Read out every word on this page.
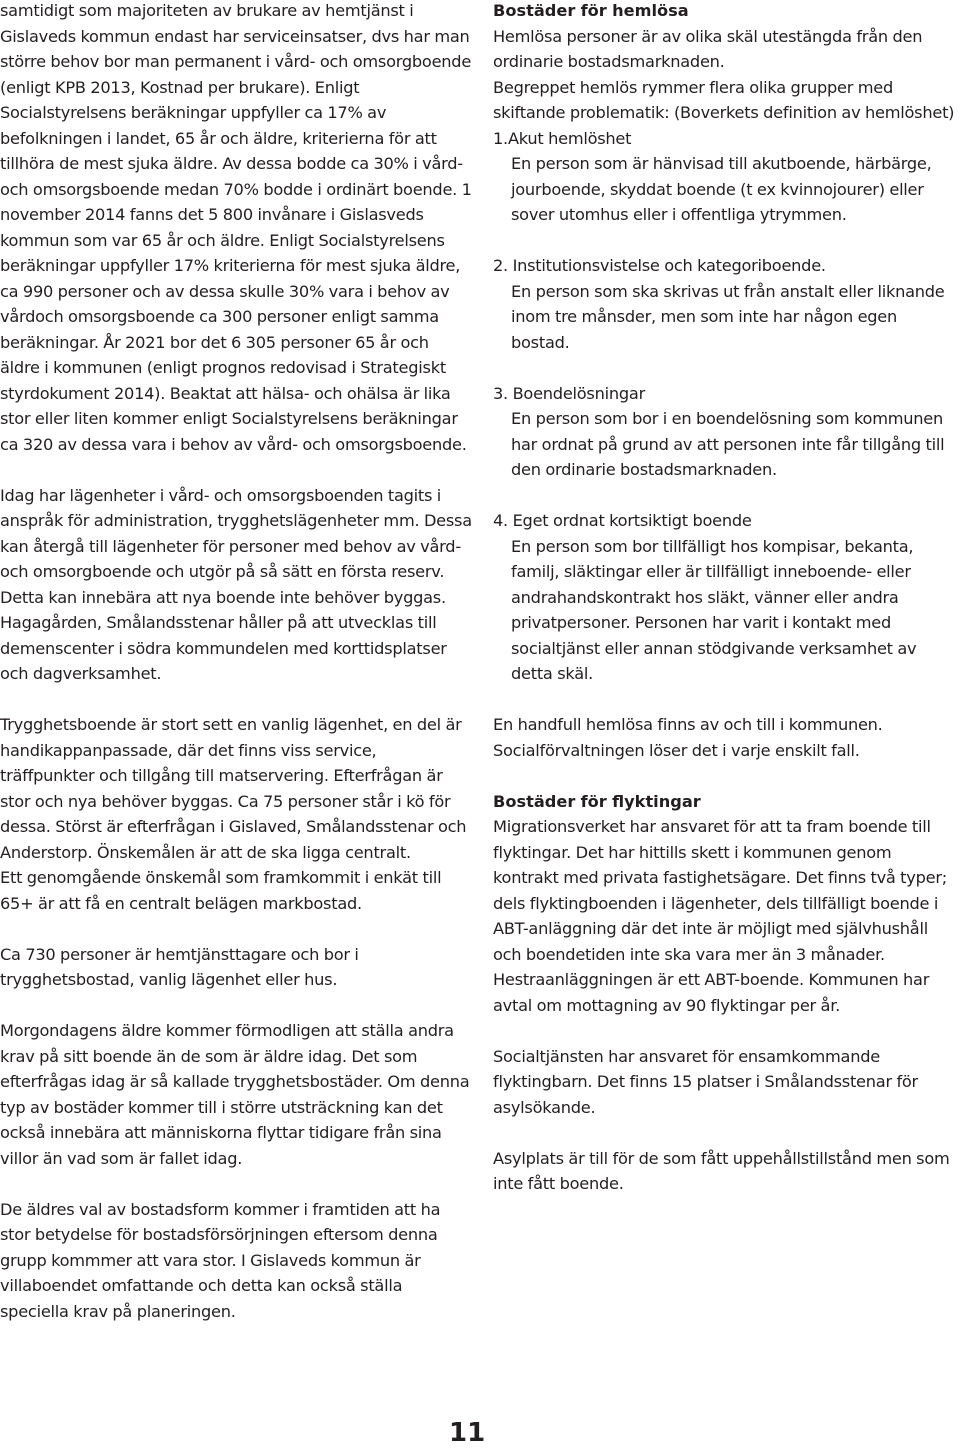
samtidigt som majoriteten av brukare av hemtjänst i Gislaveds kommun endast har serviceinsatser, dvs har man större behov bor man permanent i vård- och omsorgboende (enligt KPB 2013, Kostnad per brukare). Enligt Socialstyrelsens beräkningar uppfyller ca 17% av befolkningen i landet, 65 år och äldre, kriterierna för att tillhöra de mest sjuka äldre. Av dessa bodde ca 30% i vård- och omsorgsboende medan 70% bodde i ordinärt boende. 1 november 2014 fanns det 5 800 invånare i Gislasveds kommun som var 65 år och äldre. Enligt Socialstyrelsens beräkningar uppfyller 17% kriterierna för mest sjuka äldre, ca 990 personer och av dessa skulle 30% vara i behov av vårdoch omsorgsboende ca 300 personer enligt samma beräkningar. År 2021 bor det 6 305 personer 65 år och äldre i kommunen (enligt prognos redovisad i Strategiskt styrdokument 2014). Beaktat att hälsa- och ohälsa är lika stor eller liten kommer enligt Socialstyrelsens beräkningar ca 320 av dessa vara i behov av vård- och omsorgsboende.

Idag har lägenheter i vård- och omsorgsboenden tagits i anspråk för administration, trygghetslägenheter mm. Dessa kan återgå till lägenheter för personer med behov av vård- och omsorgboende och utgör på så sätt en första reserv. Detta kan innebära att nya boende inte behöver byggas. Hagagården, Smålandsstenar håller på att utvecklas till demenscenter i södra kommundelen med korttidsplatser och dagverksamhet.

Trygghetsboende är stort sett en vanlig lägenhet, en del är handikappanpassade, där det finns viss service, träffpunkter och tillgång till matservering. Efterfrågan är stor och nya behöver byggas. Ca 75 personer står i kö för dessa. Störst är efterfrågan i Gislaved, Smålandsstenar och Anderstorp. Önskemålen är att de ska ligga centralt.

Ett genomgående önskemål som framkommit i enkät till 65+ är att få en centralt belägen markbostad.

Ca 730 personer är hemtjänsttagare och bor i trygghetsbostad, vanlig lägenhet eller hus.

Morgondagens äldre kommer förmodligen att ställa andra krav på sitt boende än de som är äldre idag. Det som efterfrågas idag är så kallade trygghetsbostäder. Om denna typ av bostäder kommer till i större utsträckning kan det också innebära att människorna flyttar tidigare från sina villor än vad som är fallet idag.

De äldres val av bostadsform kommer i framtiden att ha stor betydelse för bostadsförsörjningen eftersom denna grupp kommmer att vara stor. I Gislaveds kommun är villaboendet omfattande och detta kan också ställa speciella krav på planeringen.

Bostäder för hemlösa

Hemlösa personer är av olika skäl utestängda från den ordinarie bostadsmarknaden.

Begreppet hemlös rymmer flera olika grupper med skiftande problematik: (Boverkets definition av hemlöshet)

1.Akut hemlöshet
En person som är hänvisad till akutboende, härbärge, jourboende, skyddat boende (t ex kvinnojourer) eller sover utomhus eller i offentliga ytrymmen.
2. Institutionsvistelse och kategoriboende.
En person som ska skrivas ut från anstalt eller liknande inom tre månsder, men som inte har någon egen bostad.
3. Boendelösningar
En person som bor i en boendelösning som kommunen har ordnat på grund av att personen inte får tillgång till den ordinarie bostadsmarknaden.
4. Eget ordnat kortsiktigt boende
En person som bor tillfälligt hos kompisar, bekanta, familj, släktingar eller är tillfälligt inneboende- eller andrahandskontrakt hos släkt, vänner eller andra privatpersoner. Personen har varit i kontakt med socialtjänst eller annan stödgivande verksamhet av detta skäl.

En handfull hemlösa finns av och till i kommunen. Socialförvaltningen löser det i varje enskilt fall.

Bostäder för flyktingar

Migrationsverket har ansvaret för att ta fram boende till flyktingar. Det har hittills skett i kommunen genom kontrakt med privata fastighetsägare. Det finns två typer; dels flyktingboenden i lägenheter, dels tillfälligt boende i ABT-anläggning där det inte är möjligt med självhushåll och boendetiden inte ska vara mer än 3 månader. Hestraanläggningen är ett ABT-boende. Kommunen har avtal om mottagning av 90 flyktingar per år.

Socialtjänsten har ansvaret för ensamkommande flyktingbarn. Det finns 15 platser i Smålandsstenar för asylsökande.

Asylplats är till för de som fått uppehållstillstånd men som inte fått boende.

11
